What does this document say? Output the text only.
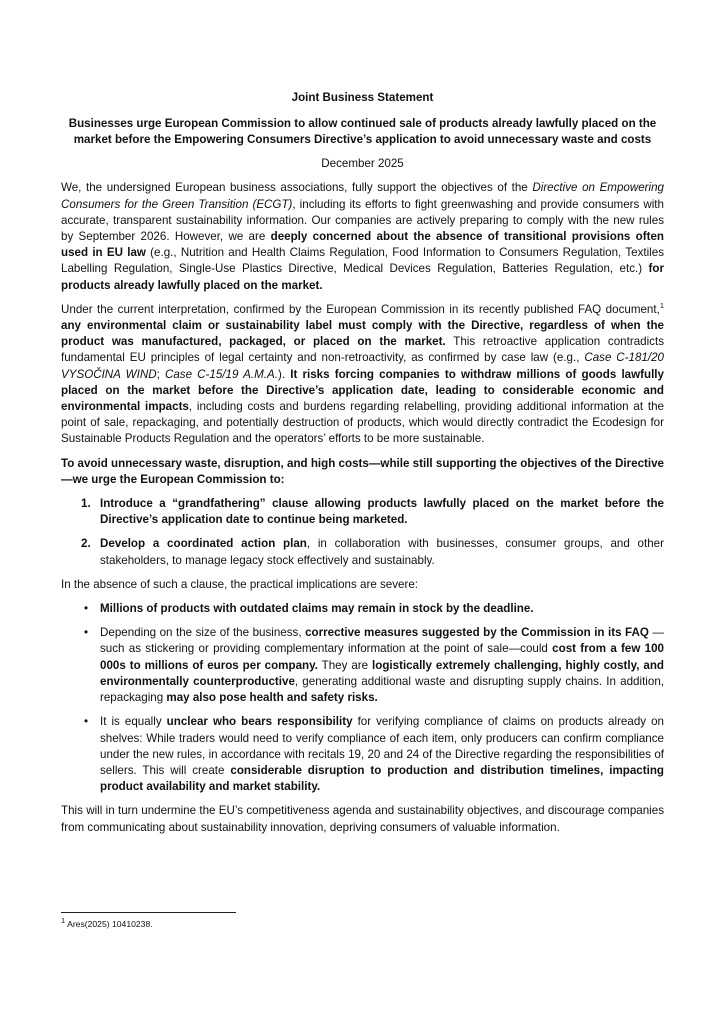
Joint Business Statement
Businesses urge European Commission to allow continued sale of products already lawfully placed on the market before the Empowering Consumers Directive’s application to avoid unnecessary waste and costs
December 2025

We, the undersigned European business associations, fully support the objectives of the Directive on Empowering Consumers for the Green Transition (ECGT), including its efforts to fight greenwashing and provide consumers with accurate, transparent sustainability information. Our companies are actively preparing to comply with the new rules by September 2026. However, we are deeply concerned about the absence of transitional provisions often used in EU law (e.g., Nutrition and Health Claims Regulation, Food Information to Consumers Regulation, Textiles Labelling Regulation, Single-Use Plastics Directive, Medical Devices Regulation, Batteries Regulation, etc.) for products already lawfully placed on the market.

Under the current interpretation, confirmed by the European Commission in its recently published FAQ document,$^1$ any environmental claim or sustainability label must comply with the Directive, regardless of when the product was manufactured, packaged, or placed on the market. This retroactive application contradicts fundamental EU principles of legal certainty and non-retroactivity, as confirmed by case law (e.g., Case C-181/20 VYSOČINA WIND; Case C-15/19 A.M.A.). It risks forcing companies to withdraw millions of goods lawfully placed on the market before the Directive’s application date, leading to considerable economic and environmental impacts, including costs and burdens regarding relabelling, providing additional information at the point of sale, repackaging, and potentially destruction of products, which would directly contradict the Ecodesign for Sustainable Products Regulation and the operators’ efforts to be more sustainable.

To avoid unnecessary waste, disruption, and high costs—while still supporting the objectives of the Directive—we urge the European Commission to:

1. Introduce a “grandfathering” clause allowing products lawfully placed on the market before the Directive’s application date to continue being marketed.
2. Develop a coordinated action plan, in collaboration with businesses, consumer groups, and other stakeholders, to manage legacy stock effectively and sustainably.

In the absence of such a clause, the practical implications are severe:

• Millions of products with outdated claims may remain in stock by the deadline.
• Depending on the size of the business, corrective measures suggested by the Commission in its FAQ — such as stickering or providing complementary information at the point of sale—could cost from a few 100 000s to millions of euros per company. They are logistically extremely challenging, highly costly, and environmentally counterproductive, generating additional waste and disrupting supply chains. In addition, repackaging may also pose health and safety risks.
• It is equally unclear who bears responsibility for verifying compliance of claims on products already on shelves: While traders would need to verify compliance of each item, only producers can confirm compliance under the new rules, in accordance with recitals 19, 20 and 24 of the Directive regarding the responsibilities of sellers. This will create considerable disruption to production and distribution timelines, impacting product availability and market stability.

This will in turn undermine the EU’s competitiveness agenda and sustainability objectives, and discourage companies from communicating about sustainability innovation, depriving consumers of valuable information.

$^1$ Ares(2025) 10410238.
